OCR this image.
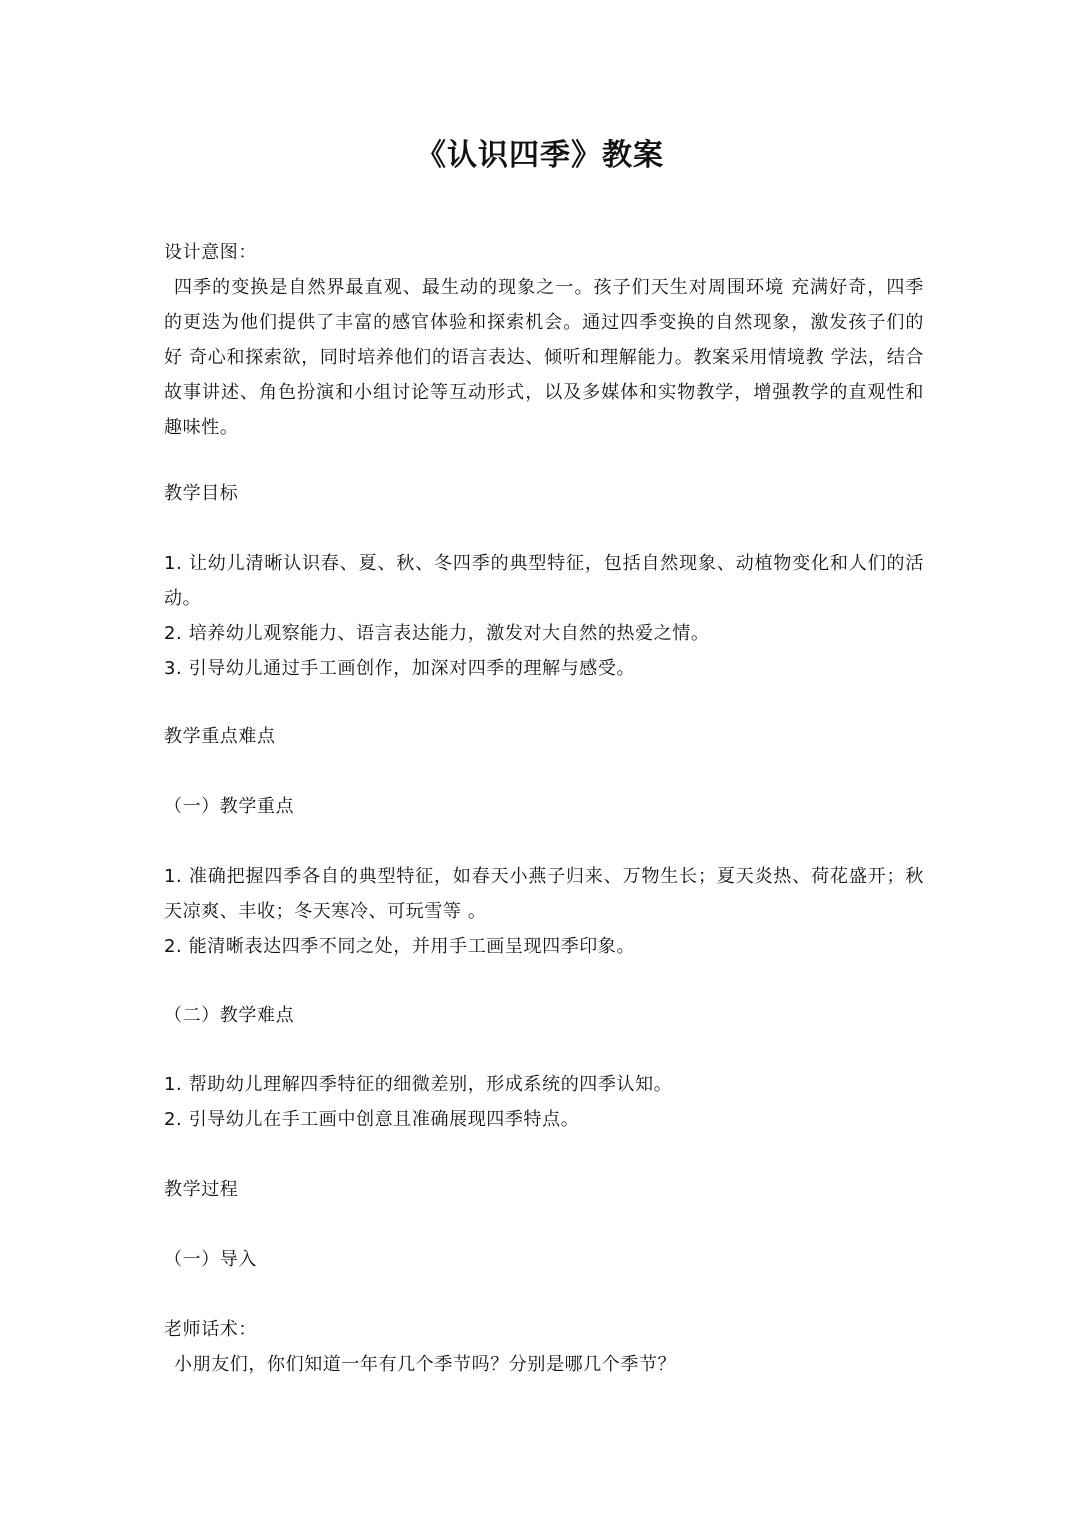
《认识四季》教案

设计意图：

四季的变换是自然界最直观、最生动的现象之一。孩子们天生对周围环境 充满好奇，四季的更迭为他们提供了丰富的感官体验和探索机会。通过四季变换的自然现象，激发孩子们的好 奇心和探索欲，同时培养他们的语言表达、倾听和理解能力。教案采用情境教 学法，结合故事讲述、角色扮演和小组讨论等互动形式，以及多媒体和实物教学，增强教学的直观性和趣味性。

教学目标

1. 让幼儿清晰认识春、夏、秋、冬四季的典型特征，包括自然现象、动植物变化和人们的活动。

2. 培养幼儿观察能力、语言表达能力，激发对大自然的热爱之情。

3. 引导幼儿通过手工画创作，加深对四季的理解与感受。

教学重点难点
（一）教学重点

1. 准确把握四季各自的典型特征，如春天小燕子归来、万物生长；夏天炎热、荷花盛开；秋天凉爽、丰收；冬天寒冷、可玩雪等 。

2. 能清晰表达四季不同之处，并用手工画呈现四季印象。

（二）教学难点

1. 帮助幼儿理解四季特征的细微差别，形成系统的四季认知。

2. 引导幼儿在手工画中创意且准确展现四季特点。

教学过程
（一）导入

老师话术：

小朋友们，你们知道一年有几个季节吗？分别是哪几个季节？
